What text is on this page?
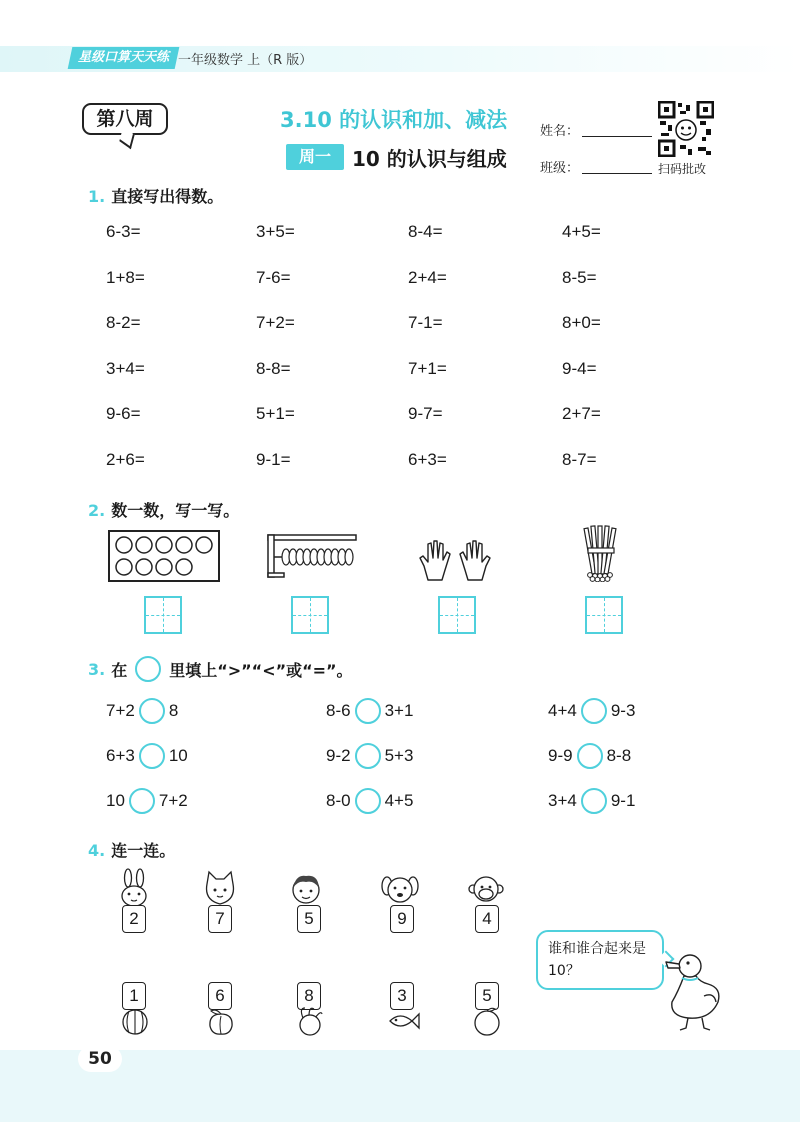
星级口算天天练 一年级数学 上（R 版）
第八周	3.10 的认识和加、减法
周一	10 的认识与组成
姓名：
班级：	扫码批改
1. 直接写出得数。
6-3=	3+5=	8-4=	4+5=
1+8=	7-6=	2+4=	8-5=
8-2=	7+2=	7-1=	8+0=
3+4=	8-8=	7+1=	9-4=
9-6=	5+1=	9-7=	2+7=
2+6=	9-1=	6+3=	8-7=
2. 数一数，写一写。
3. 在	里填上“>”“<”或“=”。
7+2 8	8-6 3+1	4+4 9-3
6+3 10	9-2 5+3	9-9 8-8
10 7+2	8-0 4+5	3+4 9-1
4. 连一连。
2	7	5	9	4
1	6	8	3	5
谁和谁合起来是 10？
50
